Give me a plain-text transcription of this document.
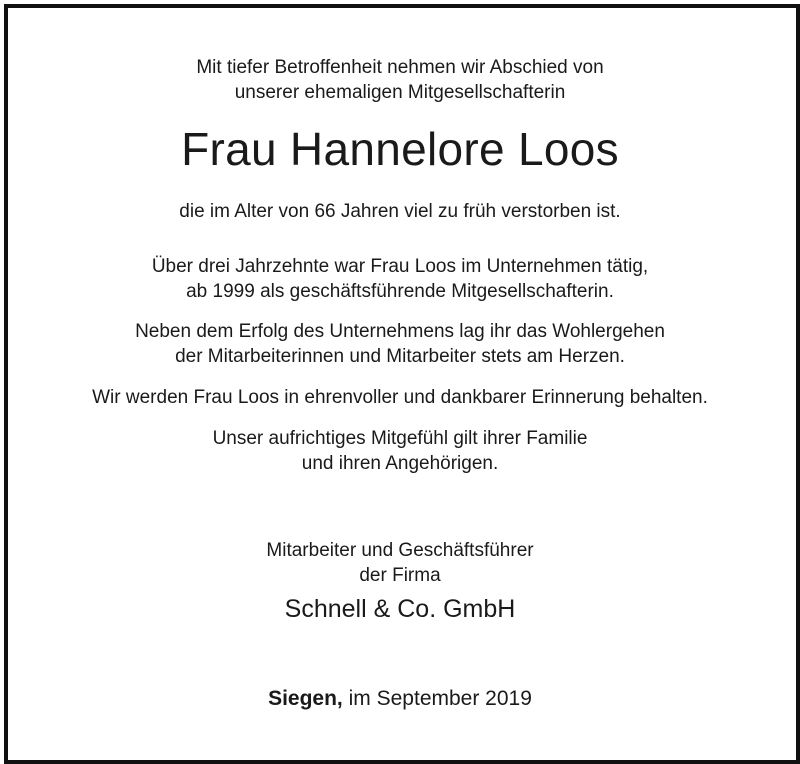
Mit tiefer Betroffenheit nehmen wir Abschied von
unserer ehemaligen Mitgesellschafterin
Frau Hannelore Loos
die im Alter von 66 Jahren viel zu früh verstorben ist.
Über drei Jahrzehnte war Frau Loos im Unternehmen tätig,
ab 1999 als geschäftsführende Mitgesellschafterin.
Neben dem Erfolg des Unternehmens lag ihr das Wohlergehen
der Mitarbeiterinnen und Mitarbeiter stets am Herzen.
Wir werden Frau Loos in ehrenvoller und dankbarer Erinnerung behalten.
Unser aufrichtiges Mitgefühl gilt ihrer Familie
und ihren Angehörigen.
Mitarbeiter und Geschäftsführer
der Firma
Schnell & Co. GmbH
Siegen, im September 2019
